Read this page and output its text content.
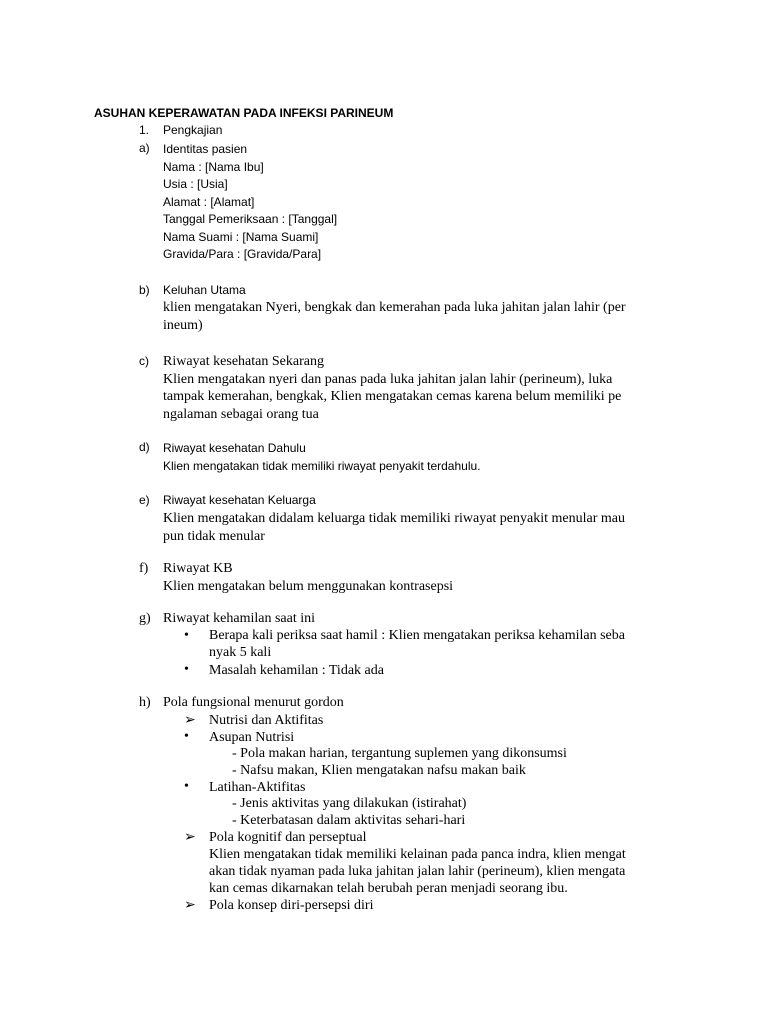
ASUHAN KEPERAWATAN PADA INFEKSI PARINEUM
1. Pengkajian
a) Identitas pasien
Nama : [Nama Ibu]
Usia : [Usia]
Alamat : [Alamat]
Tanggal Pemeriksaan : [Tanggal]
Nama Suami : [Nama Suami]
Gravida/Para : [Gravida/Para]
b) Keluhan Utama
klien mengatakan Nyeri, bengkak dan kemerahan pada luka jahitan jalan lahir (per
ineum)
c) Riwayat kesehatan Sekarang
Klien mengatakan nyeri dan panas pada luka jahitan jalan lahir (perineum), luka
tampak kemerahan, bengkak, Klien mengatakan cemas karena belum memiliki pe
ngalaman sebagai orang tua
d) Riwayat kesehatan Dahulu
Klien mengatakan tidak memiliki riwayat penyakit terdahulu.
e) Riwayat kesehatan Keluarga
Klien mengatakan didalam keluarga tidak memiliki riwayat penyakit menular mau
pun tidak menular
f) Riwayat KB
Klien mengatakan belum menggunakan kontrasepsi
g) Riwayat kehamilan saat ini
• Berapa kali periksa saat hamil : Klien mengatakan periksa kehamilan seba
nyak 5 kali
• Masalah kehamilan : Tidak ada
h) Pola fungsional menurut gordon
➢ Nutrisi dan Aktifitas
• Asupan Nutrisi
- Pola makan harian, tergantung suplemen yang dikonsumsi
- Nafsu makan, Klien mengatakan nafsu makan baik
• Latihan-Aktifitas
- Jenis aktivitas yang dilakukan (istirahat)
- Keterbatasan dalam aktivitas sehari-hari
➢ Pola kognitif dan perseptual
Klien mengatakan tidak memiliki kelainan pada panca indra, klien mengat
akan tidak nyaman pada luka jahitan jalan lahir (perineum), klien mengata
kan cemas dikarnakan telah berubah peran menjadi seorang ibu.
➢ Pola konsep diri-persepsi diri
